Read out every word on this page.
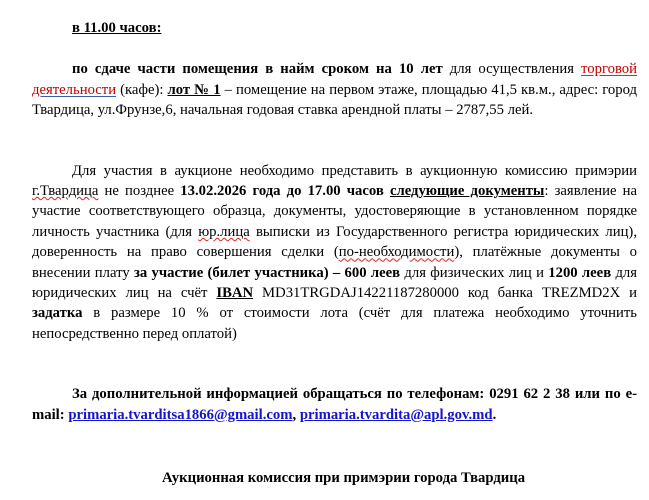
в 11.00 часов:

по сдаче части помещения в найм сроком на 10 лет для осуществления торговой деятельности (кафе): лот № 1 – помещение на первом этаже, площадью 41,5 кв.м., адрес: город Твардица, ул.Фрунзе,6, начальная годовая ставка арендной платы – 2787,55 лей.

Для участия в аукционе необходимо представить в аукционную комиссию примэрии г.Твардица не позднее 13.02.2026 года до 17.00 часов следующие документы: заявление на участие соответствующего образца, документы, удостоверяющие в установленном порядке личность участника (для юр.лица выписки из Государственного регистра юридических лиц), доверенность на право совершения сделки (по-необходимости), платёжные документы о внесении плату за участие (билет участника) – 600 леев для физических лиц и 1200 леев для юридических лиц на счёт IBAN MD31TRGDAJ14221187280000 код банка TREZMD2X и задатка в размере 10 % от стоимости лота (счёт для платежа необходимо уточнить непосредственно перед оплатой)

За дополнительной информацией обращаться по телефонам: 0291 62 2 38 или по e-mail: primaria.tvarditsa1866@gmail.com, primaria.tvardita@apl.gov.md.

Аукционная комиссия при примэрии города Твардица
